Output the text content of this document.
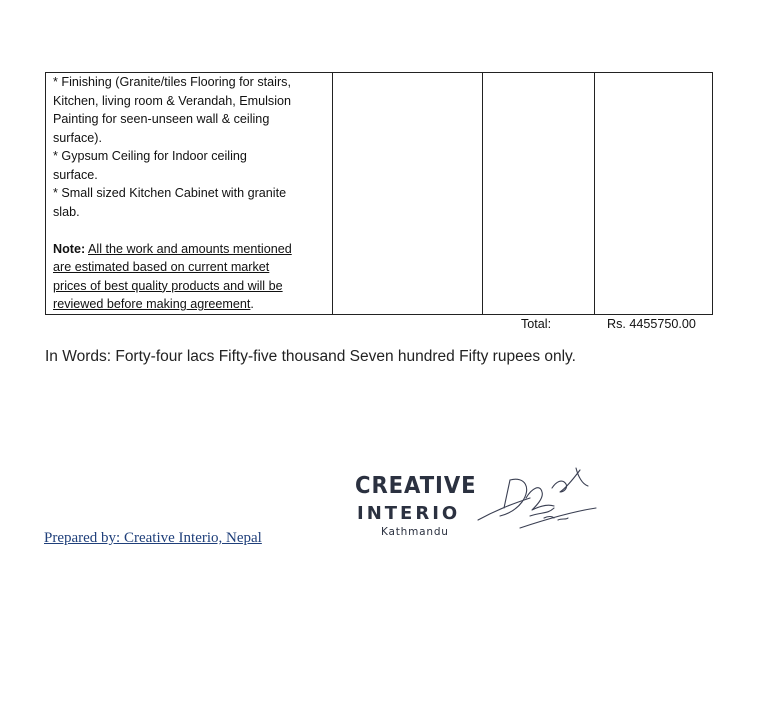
* Finishing (Granite/tiles Flooring for stairs,

Kitchen, living room & Verandah, Emulsion

Painting for seen-unseen wall & ceiling

surface).

* Gypsum Ceiling for Indoor ceiling

surface.

* Small sized Kitchen Cabinet with granite

slab.

Note: All the work and amounts mentioned

are estimated based on current market

prices of best quality products and will be

reviewed before making agreement.

Total:	Rs. 4455750.00
In Words: Forty-four lacs Fifty-five thousand Seven hundred Fifty rupees only.
Prepared by: Creative Interio, Nepal
CREATIVE
INTERIO
Kathmandu
